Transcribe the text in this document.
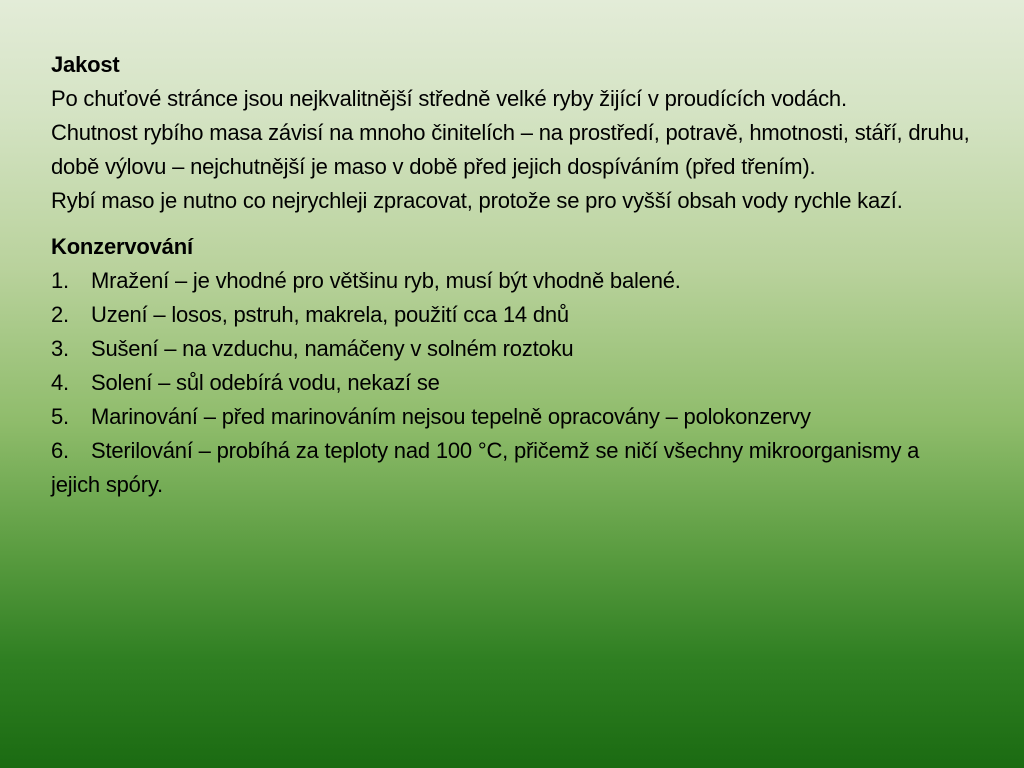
Jakost
Po chuťové stránce jsou nejkvalitnější středně velké ryby žijící v proudících vodách.
Chutnost rybího masa závisí na mnoho činitelích – na prostředí, potravě, hmotnosti, stáří, druhu, době výlovu – nejchutnější je maso v době před jejich dospíváním (před třením).
Rybí maso je nutno co nejrychleji zpracovat, protože se pro vyšší obsah vody rychle kazí.
Konzervování
1. Mražení – je vhodné pro většinu ryb, musí být vhodně balené.
2. Uzení – losos, pstruh, makrela, použití cca 14 dnů
3. Sušení – na vzduchu, namáčeny v solném roztoku
4. Solení – sůl odebírá vodu, nekazí se
5. Marinování – před marinováním nejsou tepelně opracovány – polokonzervy
6. Sterilování – probíhá za teploty nad 100 °C, přičemž se ničí všechny mikroorganismy a jejich spóry.
